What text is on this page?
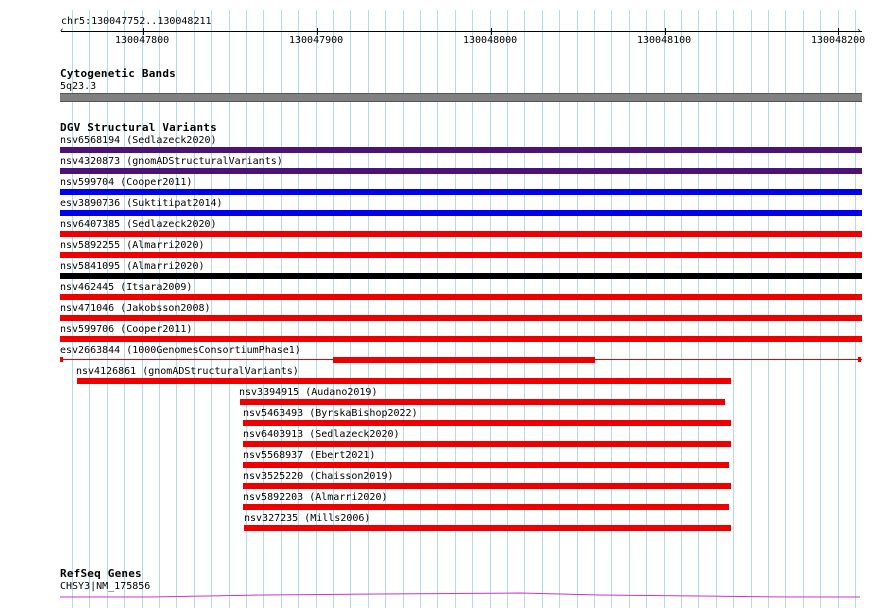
chr5:130047752..130048211
‹	›
130047800	130047900	130048000	130048100	130048200
Cytogenetic Bands
5q23.3
DGV Structural Variants
nsv6568194 (Sedlazeck2020)
nsv4320873 (gnomADStructuralVariants)
nsv599704 (Cooper2011)
esv3890736 (Suktitipat2014)
nsv6407385 (Sedlazeck2020)
nsv5892255 (Almarri2020)
nsv5841095 (Almarri2020)
nsv462445 (Itsara2009)
nsv471046 (Jakobsson2008)
nsv599706 (Cooper2011)
esv2663844 (1000GenomesConsortiumPhase1)
nsv4126861 (gnomADStructuralVariants)
nsv3394915 (Audano2019)
nsv5463493 (ByrskaBishop2022)
nsv6403913 (Sedlazeck2020)
nsv5568937 (Ebert2021)
nsv3525220 (Chaisson2019)
nsv5892203 (Almarri2020)
nsv327235 (Mills2006)
RefSeq Genes
CHSY3|NM_175856
